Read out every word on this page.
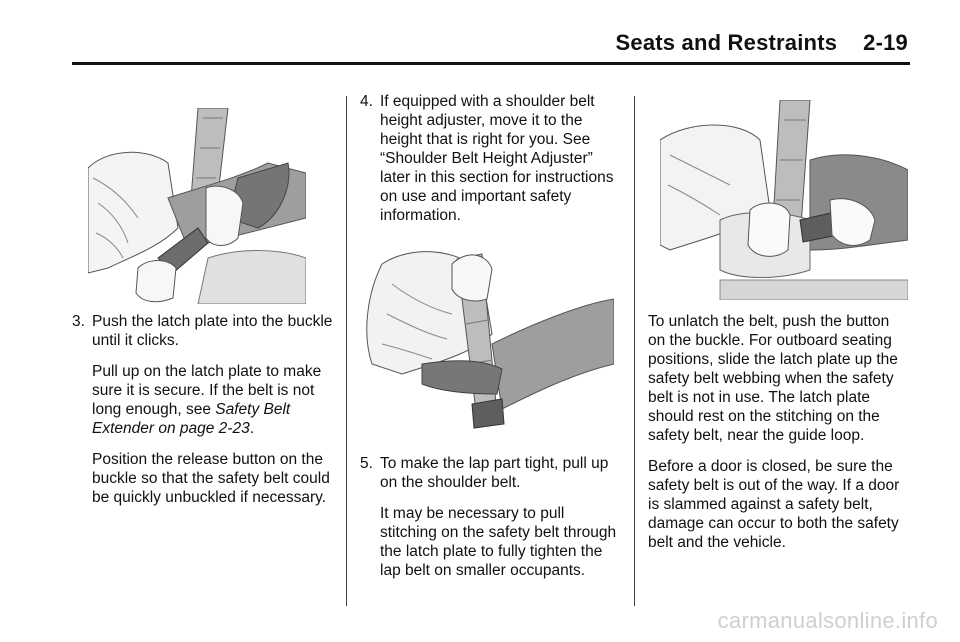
Seats and Restraints 2-19
3. Push the latch plate into the buckle until it clicks.

Pull up on the latch plate to make sure it is secure. If the belt is not long enough, see Safety Belt Extender on page 2-23.

Position the release button on the buckle so that the safety belt could be quickly unbuckled if necessary.

4. If equipped with a shoulder belt height adjuster, move it to the height that is right for you. See “Shoulder Belt Height Adjuster” later in this section for instructions on use and important safety information.
5. To make the lap part tight, pull up on the shoulder belt.

It may be necessary to pull stitching on the safety belt through the latch plate to fully tighten the lap belt on smaller occupants.

To unlatch the belt, push the button on the buckle. For outboard seating positions, slide the latch plate up the safety belt webbing when the safety belt is not in use. The latch plate should rest on the stitching on the safety belt, near the guide loop.

Before a door is closed, be sure the safety belt is out of the way. If a door is slammed against a safety belt, damage can occur to both the safety belt and the vehicle.

carmanualsonline.info
